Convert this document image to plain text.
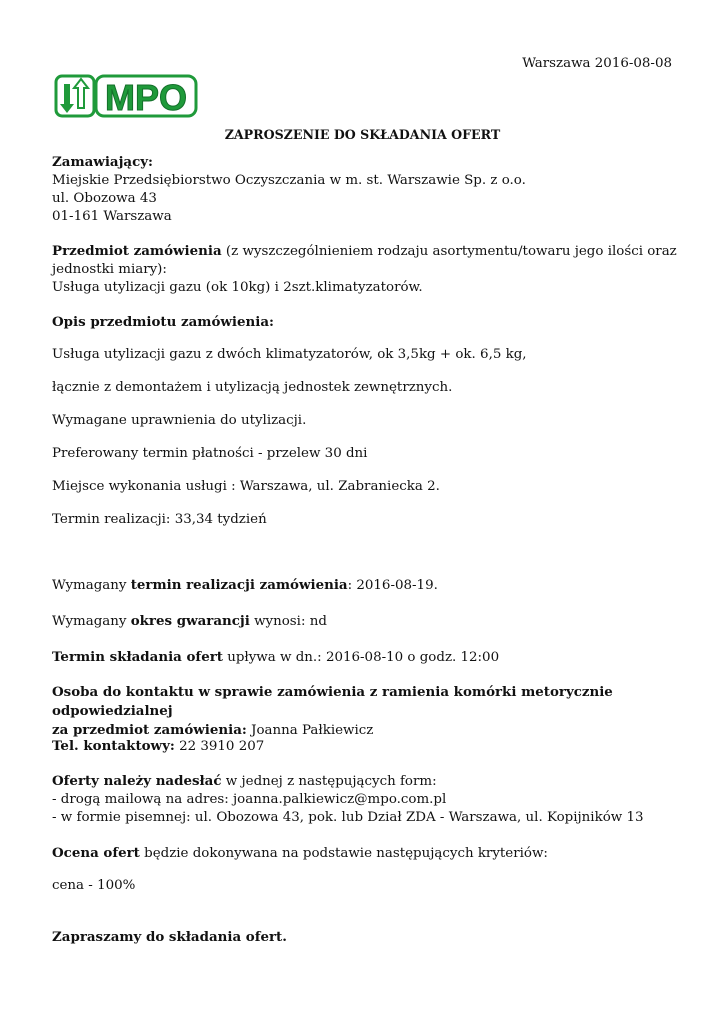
Warszawa 2016-08-08
MPO
ZAPROSZENIE DO SKŁADANIA OFERT
Zamawiający:
Miejskie Przedsiębiorstwo Oczyszczania w m. st. Warszawie Sp. z o.o.
ul. Obozowa 43
01-161 Warszawa
Przedmiot zamówienia (z wyszczególnieniem rodzaju asortymentu/towaru jego ilości oraz
jednostki miary):
Usługa utylizacji gazu (ok 10kg) i 2szt.klimatyzatorów.
Opis przedmiotu zamówienia:
Usługa utylizacji gazu z dwóch klimatyzatorów, ok 3,5kg + ok. 6,5 kg,
łącznie z demontażem i utylizacją jednostek zewnętrznych.
Wymagane uprawnienia do utylizacji.
Preferowany termin płatności - przelew 30 dni
Miejsce wykonania usługi : Warszawa, ul. Zabraniecka 2.
Termin realizacji: 33,34 tydzień
Wymagany termin realizacji zamówienia: 2016-08-19.
Wymagany okres gwarancji wynosi: nd
Termin składania ofert upływa w dn.: 2016-08-10 o godz. 12:00
Osoba do kontaktu w sprawie zamówienia z ramienia komórki metorycznie odpowiedzialnej
za przedmiot zamówienia: Joanna Pałkiewicz
Tel. kontaktowy: 22 3910 207
Oferty należy nadesłać w jednej z następujących form:
- drogą mailową na adres: joanna.palkiewicz@mpo.com.pl
- w formie pisemnej: ul. Obozowa 43, pok. lub Dział ZDA - Warszawa, ul. Kopijników 13
Ocena ofert będzie dokonywana na podstawie następujących kryteriów:
cena - 100%
Zapraszamy do składania ofert.
